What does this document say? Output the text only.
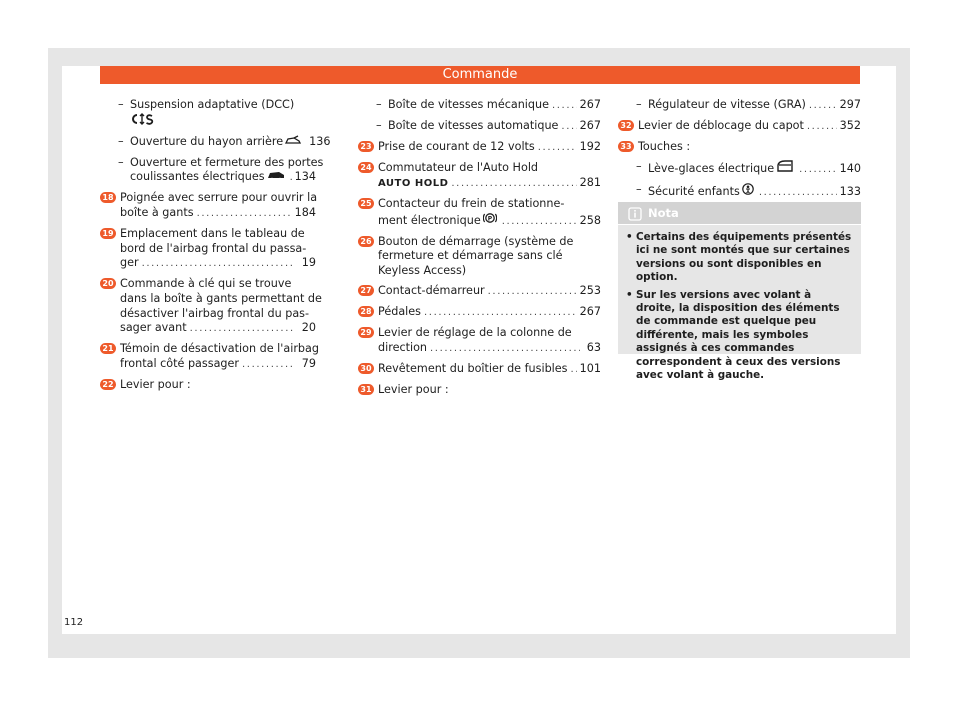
Commande
– Suspension adaptative (DCC)
– Ouverture du hayon arrière 136
– Ouverture et fermeture des portes
coulissantes électriques .....	134
18 Poignée avec serrure pour ouvrir la
boîte à gants .....	184
19 Emplacement dans le tableau de
bord de l'airbag frontal du passa-
ger .....	19
20 Commande à clé qui se trouve
dans la boîte à gants permettant de
désactiver l'airbag frontal du pas-
sager avant .....	20
21 Témoin de désactivation de l'airbag
frontal côté passager .....	79
22 Levier pour :
– Boîte de vitesses mécanique .....	267
– Boîte de vitesses automatique ..... 267
23 Prise de courant de 12 volts .....	192
24 Commutateur de l'Auto Hold
AUTO HOLD .....	281
25 Contacteur du frein de stationne-
ment électronique P .....	258
26 Bouton de démarrage (système de
fermeture et démarrage sans clé
Keyless Access)
27 Contact-démarreur .....	253
28 Pédales .....	267
29 Levier de réglage de la colonne de
direction .....	63
30 Revêtement du boîtier de fusibles ..... 101
31 Levier pour :
– Régulateur de vitesse (GRA) .....	297
32 Levier de déblocage du capot .....	352
33 Touches :
– Lève-glaces électrique .....	140
– Sécurité enfants .....	133
Nota
• Certains des équipements présentés ici ne sont montés que sur certaines versions ou sont disponibles en option.
• Sur les versions avec volant à droite, la disposition des éléments de commande est quelque peu différente, mais les symboles assignés à ces commandes correspondent à ceux des versions avec volant à gauche.
112
